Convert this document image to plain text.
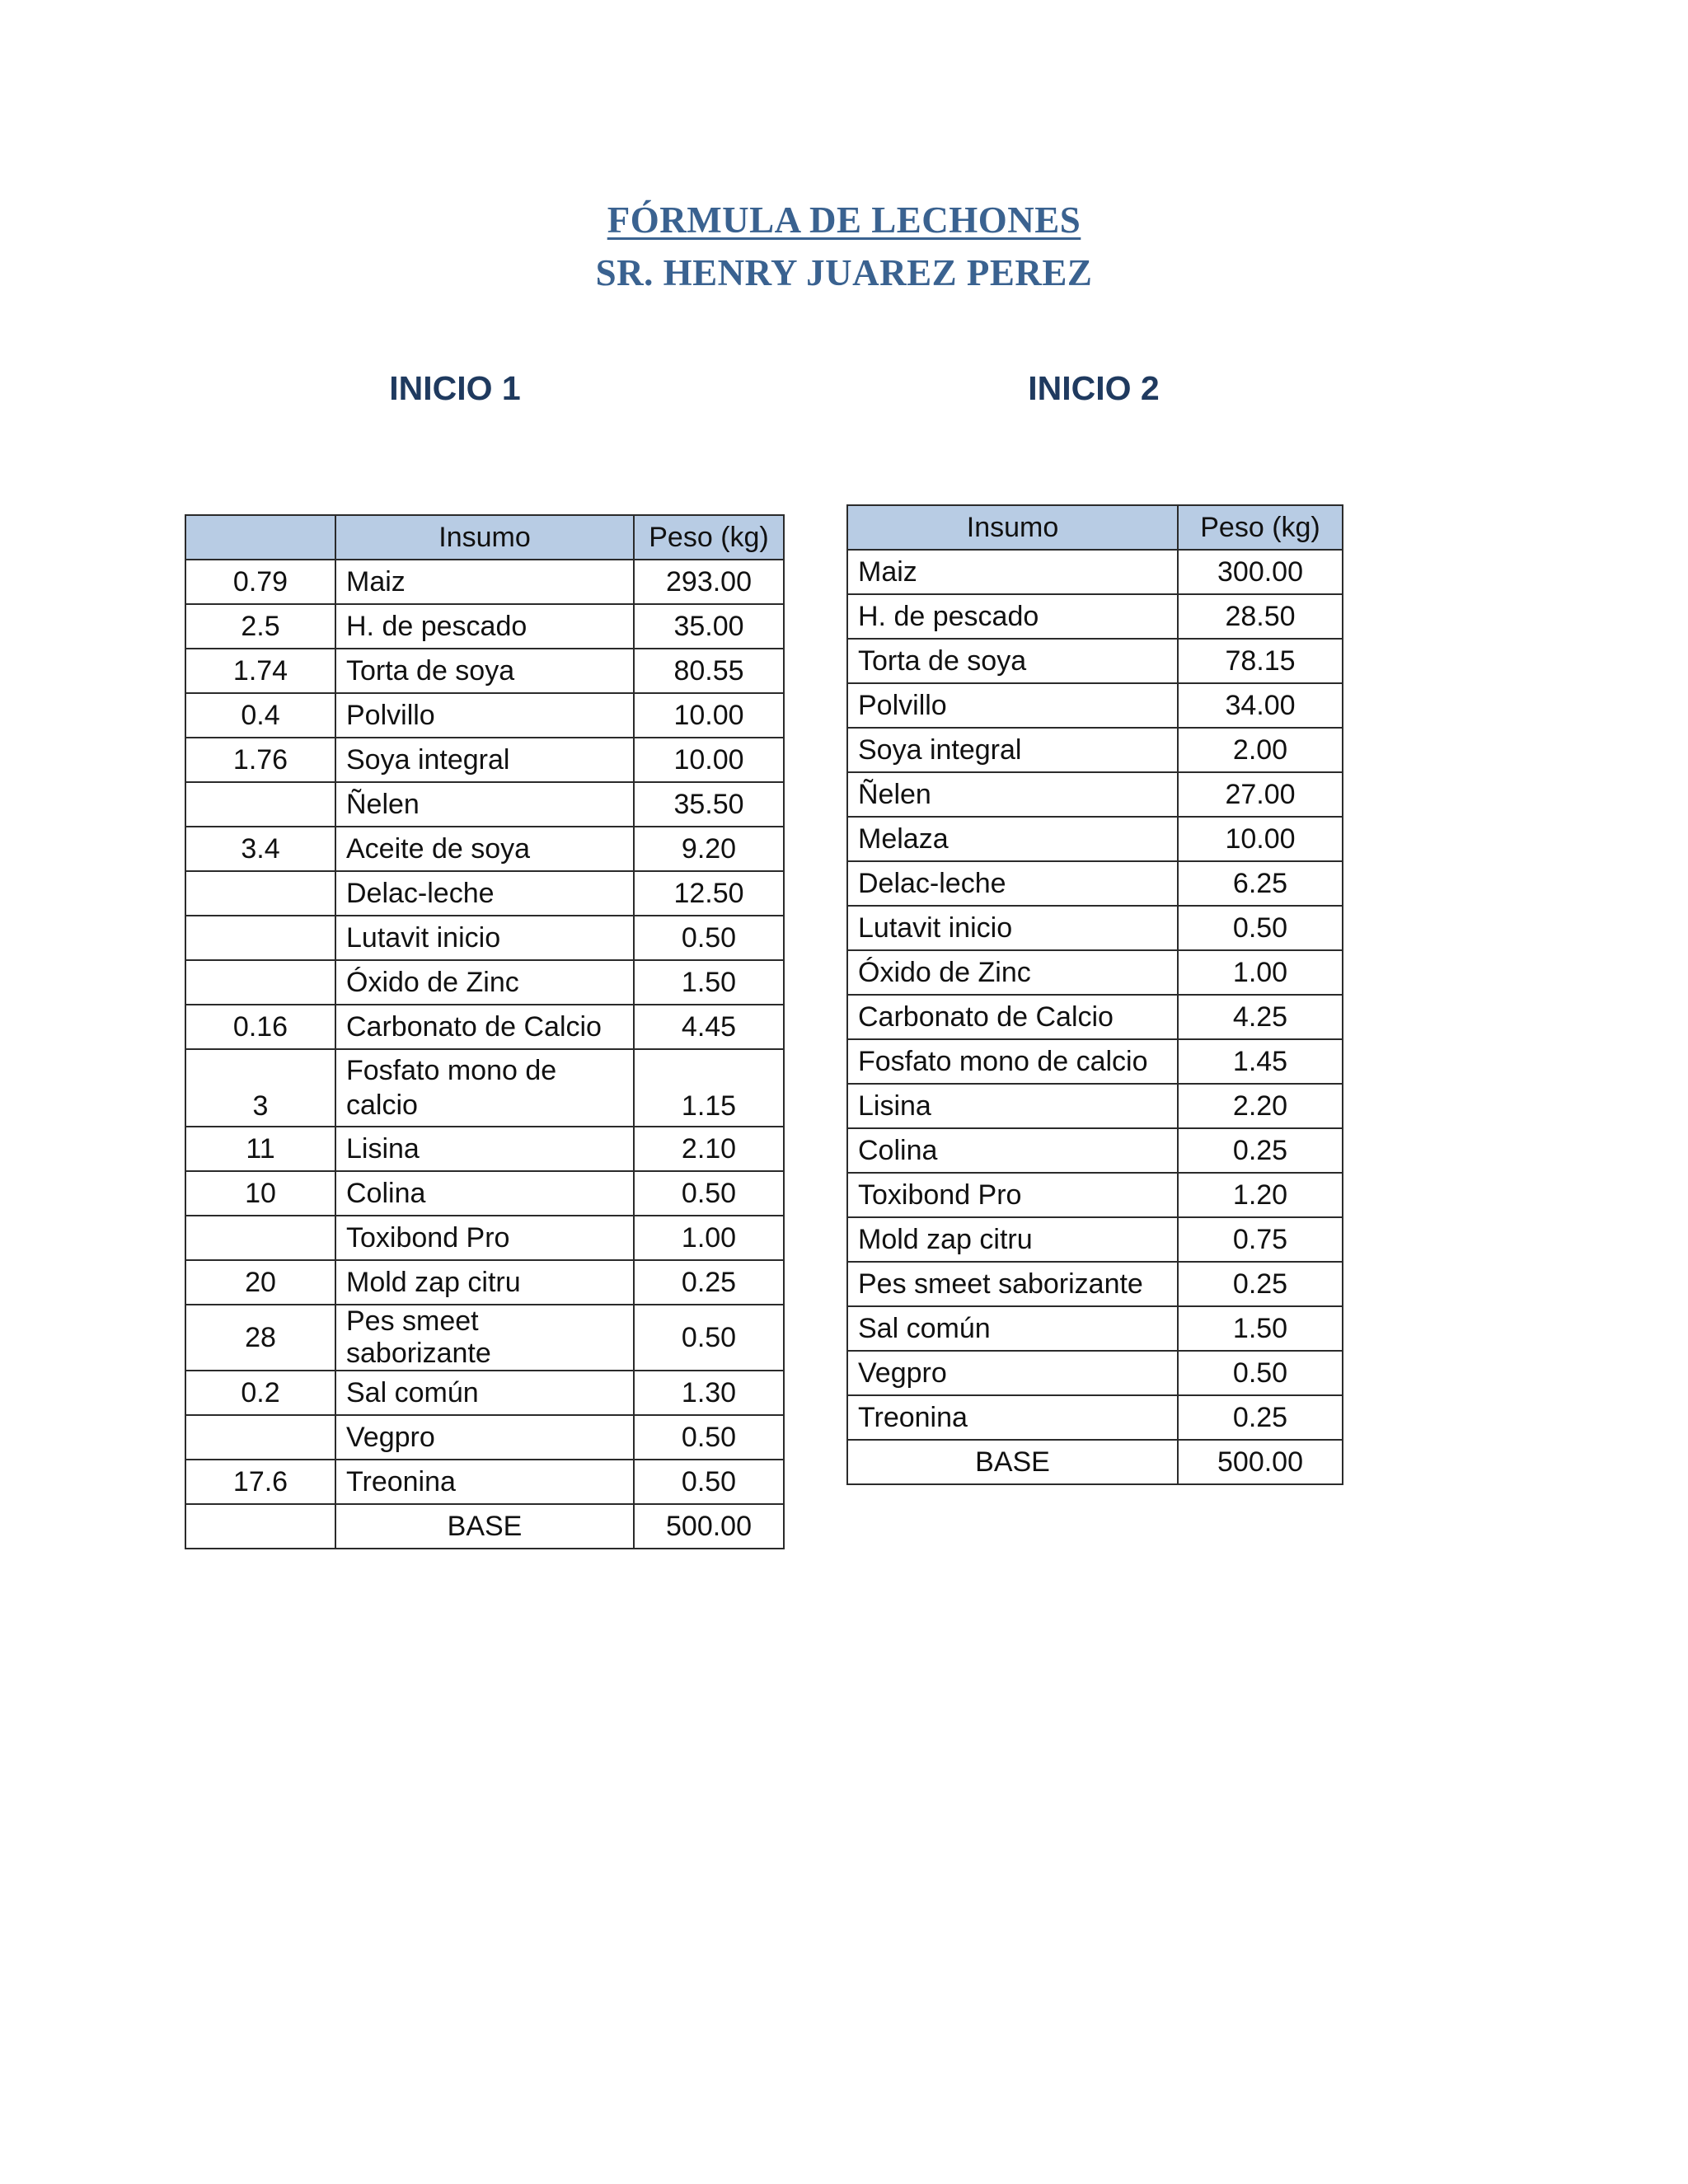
FÓRMULA DE LECHONES
SR. HENRY JUAREZ PEREZ
INICIO 1	INICIO 2
	Insumo	Peso (kg)
0.79	Maiz	293.00
2.5	H. de pescado	35.00
1.74	Torta de soya	80.55
0.4	Polvillo	10.00
1.76	Soya integral	10.00
	Ñelen	35.50
3.4	Aceite de soya	9.20
	Delac-leche	12.50
	Lutavit inicio	0.50
	Óxido de Zinc	1.50
0.16	Carbonato de Calcio	4.45
3	Fosfato mono de calcio	1.15
11	Lisina	2.10
10	Colina	0.50
	Toxibond Pro	1.00
20	Mold zap citru	0.25
28	Pes smeet saborizante	0.50
0.2	Sal común	1.30
	Vegpro	0.50
17.6	Treonina	0.50
	BASE	500.00
Insumo	Peso (kg)
Maiz	300.00
H. de pescado	28.50
Torta de soya	78.15
Polvillo	34.00
Soya integral	2.00
Ñelen	27.00
Melaza	10.00
Delac-leche	6.25
Lutavit inicio	0.50
Óxido de Zinc	1.00
Carbonato de Calcio	4.25
Fosfato mono de calcio	1.45
Lisina	2.20
Colina	0.25
Toxibond Pro	1.20
Mold zap citru	0.75
Pes smeet saborizante	0.25
Sal común	1.50
Vegpro	0.50
Treonina	0.25
BASE	500.00
